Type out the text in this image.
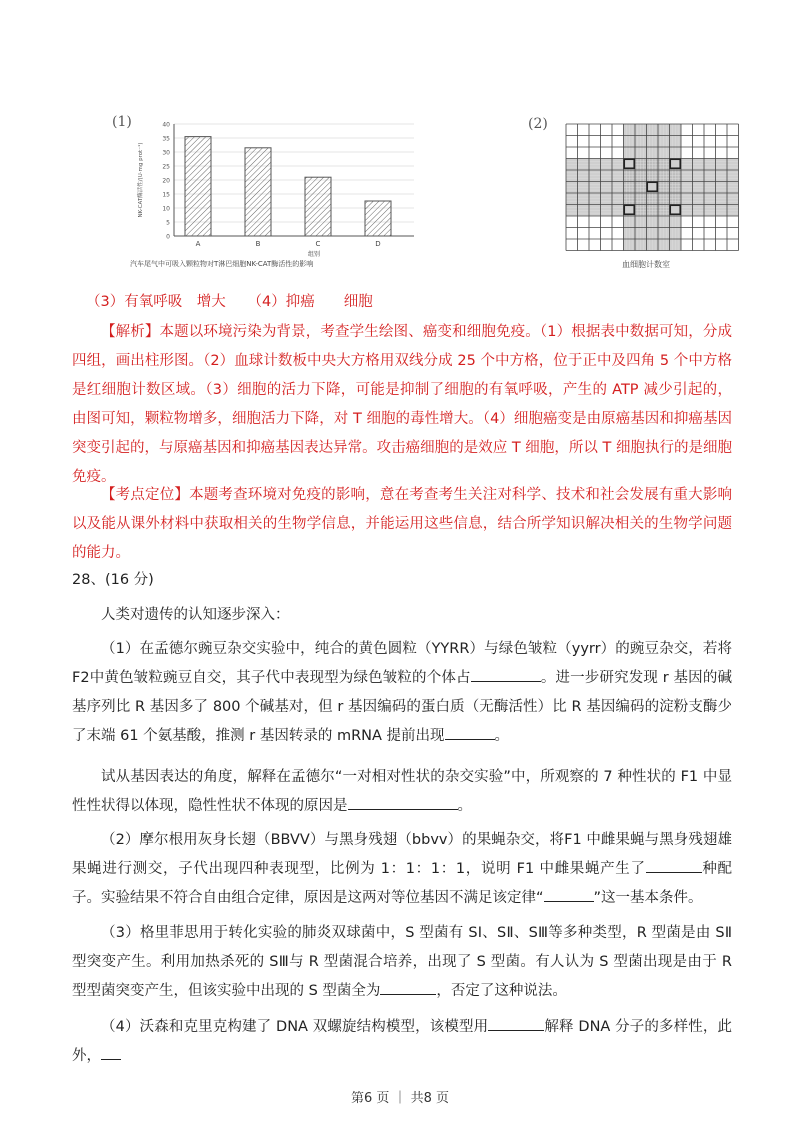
(1)
0
5
10
15
20
25
30
35
40
NK-CAT酶活性/(U·mg prot⁻¹)
A	B	C	D
组别
汽车尾气中可吸入颗粒物对T淋巴细胞NK-CAT酶活性的影响
(2)
血细胞计数室

（3）有氧呼吸　增大　　（4）抑癌　　细胞

【解析】本题以环境污染为背景，考查学生绘图、癌变和细胞免疫。（1）根据表中数据可知，分成四组，画出柱形图。（2）血球计数板中央大方格用双线分成 25 个中方格，位于正中及四角 5 个中方格是红细胞计数区域。（3）细胞的活力下降，可能是抑制了细胞的有氧呼吸，产生的 ATP 减少引起的，由图可知，颗粒物增多，细胞活力下降，对 T 细胞的毒性增大。（4）细胞癌变是由原癌基因和抑癌基因突变引起的，与原癌基因和抑癌基因表达异常。攻击癌细胞的是效应 T 细胞，所以 T 细胞执行的是细胞免疫。

【考点定位】本题考查环境对免疫的影响，意在考查考生关注对科学、技术和社会发展有重大影响以及能从课外材料中获取相关的生物学信息，并能运用这些信息，结合所学知识解决相关的生物学问题的能力。

28、(16 分)

人类对遗传的认知逐步深入：

（1）在孟德尔豌豆杂交实验中，纯合的黄色圆粒（YYRR）与绿色皱粒（yyrr）的豌豆杂交，若将F2中黄色皱粒豌豆自交，其子代中表现型为绿色皱粒的个体占	。进一步研究发现 r 基因的碱基序列比 R 基因多了 800 个碱基对，但 r 基因编码的蛋白质（无酶活性）比 R 基因编码的淀粉支酶少了末端 61 个氨基酸，推测 r 基因转录的 mRNA 提前出现	。

试从基因表达的角度，解释在孟德尔“一对相对性状的杂交实验”中，所观察的 7 种性状的 F1 中显性性状得以体现，隐性性状不体现的原因是	。

（2）摩尔根用灰身长翅（BBVV）与黑身残翅（bbvv）的果蝇杂交，将F1 中雌果蝇与黑身残翅雄果蝇进行测交，子代出现四种表现型，比例为 1：1：1：1，说明 F1 中雌果蝇产生了	种配子。实验结果不符合自由组合定律，原因是这两对等位基因不满足该定律“	”这一基本条件。

（3）格里菲思用于转化实验的肺炎双球菌中，S 型菌有 SⅠ、SⅡ、SⅢ等多种类型，R 型菌是由 SⅡ型突变产生。利用加热杀死的 SⅢ与 R 型菌混合培养，出现了 S 型菌。有人认为 S 型菌出现是由于 R 型型菌突变产生，但该实验中出现的 S 型菌全为	，否定了这种说法。

（4）沃森和克里克构建了 DNA 双螺旋结构模型，该模型用	解释 DNA 分子的多样性，此外，

第6 页 ｜ 共8 页
